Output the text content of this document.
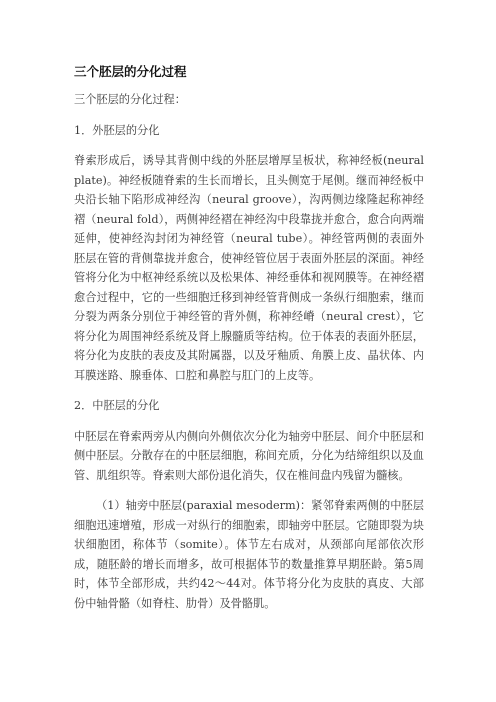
三个胚层的分化过程

三个胚层的分化过程：

1．外胚层的分化

脊索形成后，诱导其背侧中线的外胚层增厚呈板状，称神经板(neural plate)。神经板随脊索的生长而增长，且头侧宽于尾侧。继而神经板中央沿长轴下陷形成神经沟（neural groove），沟两侧边缘隆起称神经褶（neural fold），两侧神经褶在神经沟中段靠拢并愈合，愈合向两端延伸，使神经沟封闭为神经管（neural tube）。神经管两侧的表面外胚层在管的背侧靠拢并愈合，使神经管位居于表面外胚层的深面。神经管将分化为中枢神经系统以及松果体、神经垂体和视网膜等。在神经褶愈合过程中，它的一些细胞迁移到神经管背侧成一条纵行细胞索，继而分裂为两条分别位于神经管的背外侧，称神经嵴（neural crest），它将分化为周围神经系统及肾上腺髓质等结构。位于体表的表面外胚层，将分化为皮肤的表皮及其附属器，以及牙釉质、角膜上皮、晶状体、内耳膜迷路、腺垂体、口腔和鼻腔与肛门的上皮等。

2．中胚层的分化

中胚层在脊索两旁从内侧向外侧依次分化为轴旁中胚层、间介中胚层和侧中胚层。分散存在的中胚层细胞，称间充质，分化为结缔组织以及血管、肌组织等。脊索则大部份退化消失，仅在椎间盘内残留为髓核。

（1）轴旁中胚层(paraxial mesoderm)：紧邻脊索两侧的中胚层细胞迅速增殖，形成一对纵行的细胞索，即轴旁中胚层。它随即裂为块状细胞团，称体节（somite）。体节左右成对，从颈部向尾部依次形成，随胚龄的增长而增多，故可根据体节的数量推算早期胚龄。第5周时，体节全部形成，共约42～44对。体节将分化为皮肤的真皮、大部份中轴骨骼（如脊柱、肋骨）及骨骼肌。
